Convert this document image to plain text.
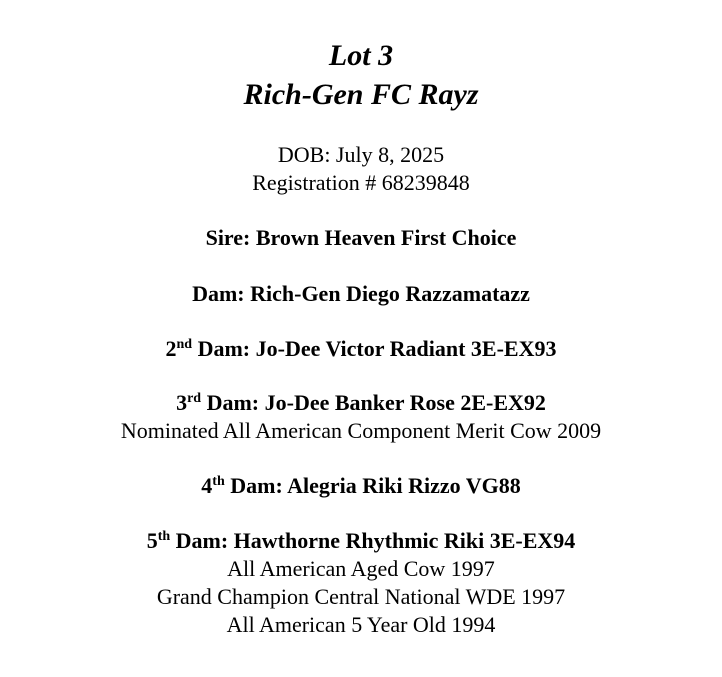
Lot 3
Rich-Gen FC Rayz
DOB: July 8, 2025
Registration # 68239848
Sire: Brown Heaven First Choice
Dam: Rich-Gen Diego Razzamatazz
2nd Dam: Jo-Dee Victor Radiant 3E-EX93
3rd Dam: Jo-Dee Banker Rose 2E-EX92
Nominated All American Component Merit Cow 2009
4th Dam: Alegria Riki Rizzo VG88
5th Dam: Hawthorne Rhythmic Riki 3E-EX94
All American Aged Cow 1997
Grand Champion Central National WDE 1997
All American 5 Year Old 1994
